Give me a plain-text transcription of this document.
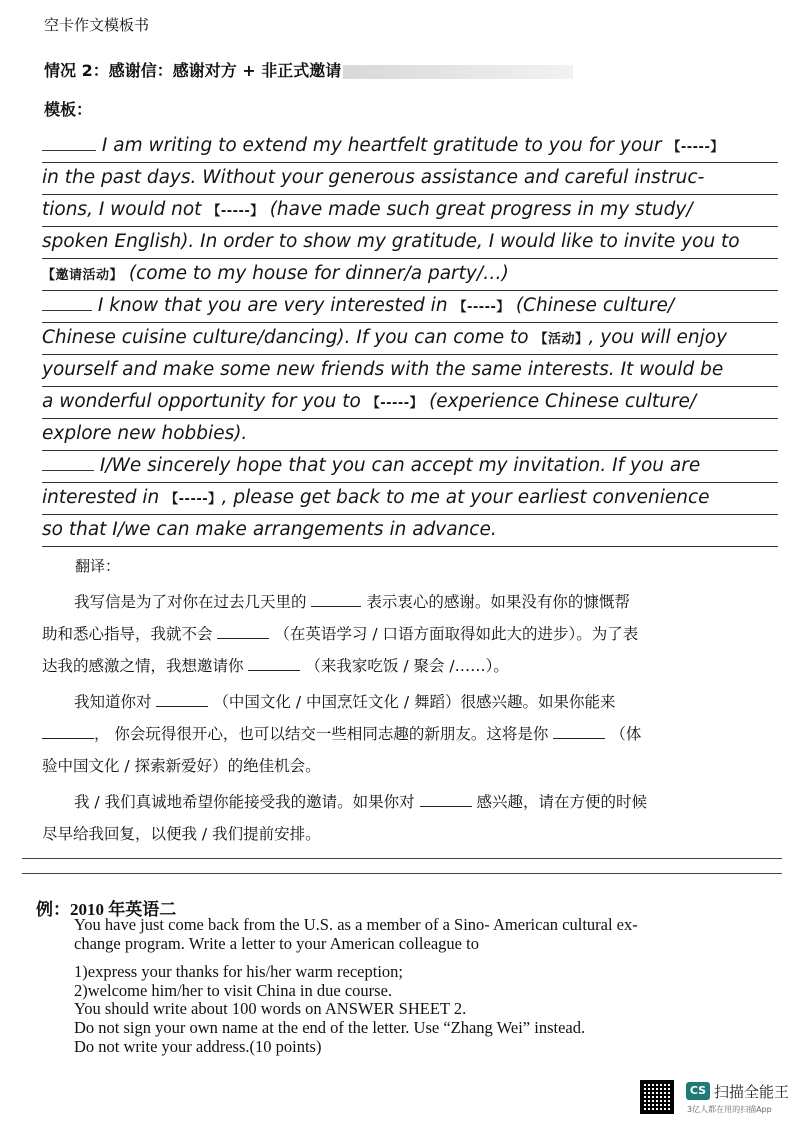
空卡作文模板书
情况 2：感谢信：感谢对方 + 非正式邀请
模板：
I am writing to extend my heartfelt gratitude to you for your 【-----】
in the past days. Without your generous assistance and careful instruc-
tions, I would not 【-----】 (have made such great progress in my study/
spoken English). In order to show my gratitude, I would like to invite you to
【邀请活动】 (come to my house for dinner/a party/…)
I know that you are very interested in 【-----】 (Chinese culture/
Chinese cuisine culture/dancing). If you can come to 【活动】, you will enjoy
yourself and make some new friends with the same interests. It would be
a wonderful opportunity for you to 【-----】 (experience Chinese culture/
explore new hobbies).
I/We sincerely hope that you can accept my invitation. If you are
interested in 【-----】, please get back to me at your earliest convenience
so that I/we can make arrangements in advance.
翻译：
我写信是为了对你在过去几天里的	表示衷心的感谢。如果没有你的慷慨帮
助和悉心指导，我就不会	（在英语学习 / 口语方面取得如此大的进步）。为了表
达我的感激之情，我想邀请你	（来我家吃饭 / 聚会 /……）。
我知道你对	（中国文化 / 中国烹饪文化 / 舞蹈）很感兴趣。如果你能来
， 你会玩得很开心，也可以结交一些相同志趣的新朋友。这将是你	（体
验中国文化 / 探索新爱好）的绝佳机会。
我 / 我们真诚地希望你能接受我的邀请。如果你对	感兴趣，请在方便的时候
尽早给我回复，以便我 / 我们提前安排。
例：2010 年英语二
You have just come back from the U.S. as a member of a Sino- American cultural ex-
change program. Write a letter to your American colleague to
1)express your thanks for his/her warm reception;
2)welcome him/her to visit China in due course.
You should write about 100 words on ANSWER SHEET 2.
Do not sign your own name at the end of the letter. Use “Zhang Wei” instead.
Do not write your address.(10 points)
CS 扫描全能王
3亿人都在用的扫描App
